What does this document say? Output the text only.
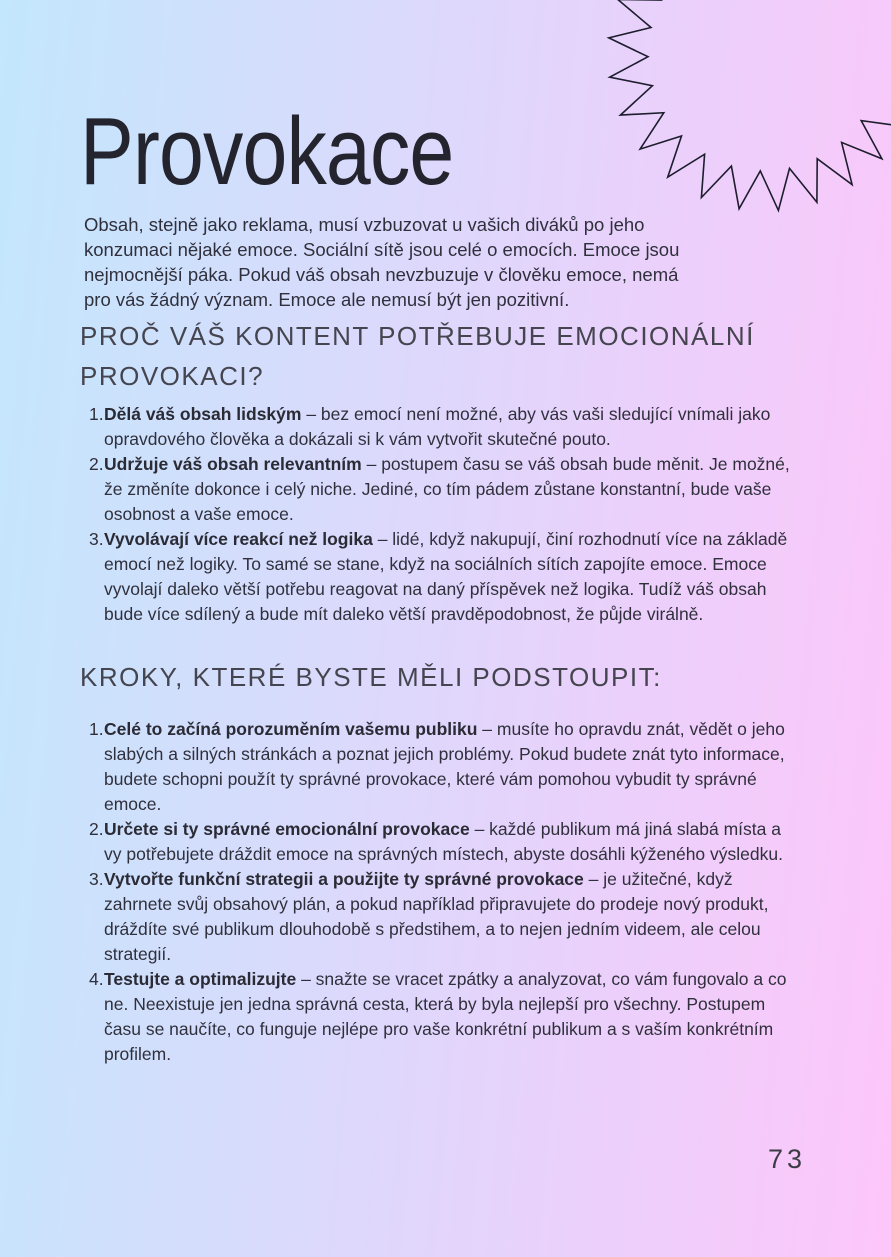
Provokace

Obsah, stejně jako reklama, musí vzbuzovat u vašich diváků po jeho konzumaci nějaké emoce. Sociální sítě jsou celé o emocích. Emoce jsou nejmocnější páka. Pokud váš obsah nevzbuzuje v člověku emoce, nemá pro vás žádný význam. Emoce ale nemusí být jen pozitivní.

PROČ VÁŠ KONTENT POTŘEBUJE EMOCIONÁLNÍ PROVOKACI?
1. Dělá váš obsah lidským – bez emocí není možné, aby vás vaši sledující vnímali jako opravdového člověka a dokázali si k vám vytvořit skutečné pouto.
2. Udržuje váš obsah relevantním – postupem času se váš obsah bude měnit. Je možné, že změníte dokonce i celý niche. Jediné, co tím pádem zůstane konstantní, bude vaše osobnost a vaše emoce.
3. Vyvolávají více reakcí než logika – lidé, když nakupují, činí rozhodnutí více na základě emocí než logiky. To samé se stane, když na sociálních sítích zapojíte emoce. Emoce vyvolají daleko větší potřebu reagovat na daný příspěvek než logika. Tudíž váš obsah bude více sdílený a bude mít daleko větší pravděpodobnost, že půjde virálně.
KROKY, KTERÉ BYSTE MĚLI PODSTOUPIT:
1. Celé to začíná porozuměním vašemu publiku – musíte ho opravdu znát, vědět o jeho slabých a silných stránkách a poznat jejich problémy. Pokud budete znát tyto informace, budete schopni použít ty správné provokace, které vám pomohou vybudit ty správné emoce.
2. Určete si ty správné emocionální provokace – každé publikum má jiná slabá místa a vy potřebujete dráždit emoce na správných místech, abyste dosáhli kýženého výsledku.
3. Vytvořte funkční strategii a použijte ty správné provokace – je užitečné, když zahrnete svůj obsahový plán, a pokud například připravujete do prodeje nový produkt, dráždíte své publikum dlouhodobě s předstihem, a to nejen jedním videem, ale celou strategií.
4. Testujte a optimalizujte – snažte se vracet zpátky a analyzovat, co vám fungovalo a co ne. Neexistuje jen jedna správná cesta, která by byla nejlepší pro všechny. Postupem času se naučíte, co funguje nejlépe pro vaše konkrétní publikum a s vaším konkrétním profilem.
73
